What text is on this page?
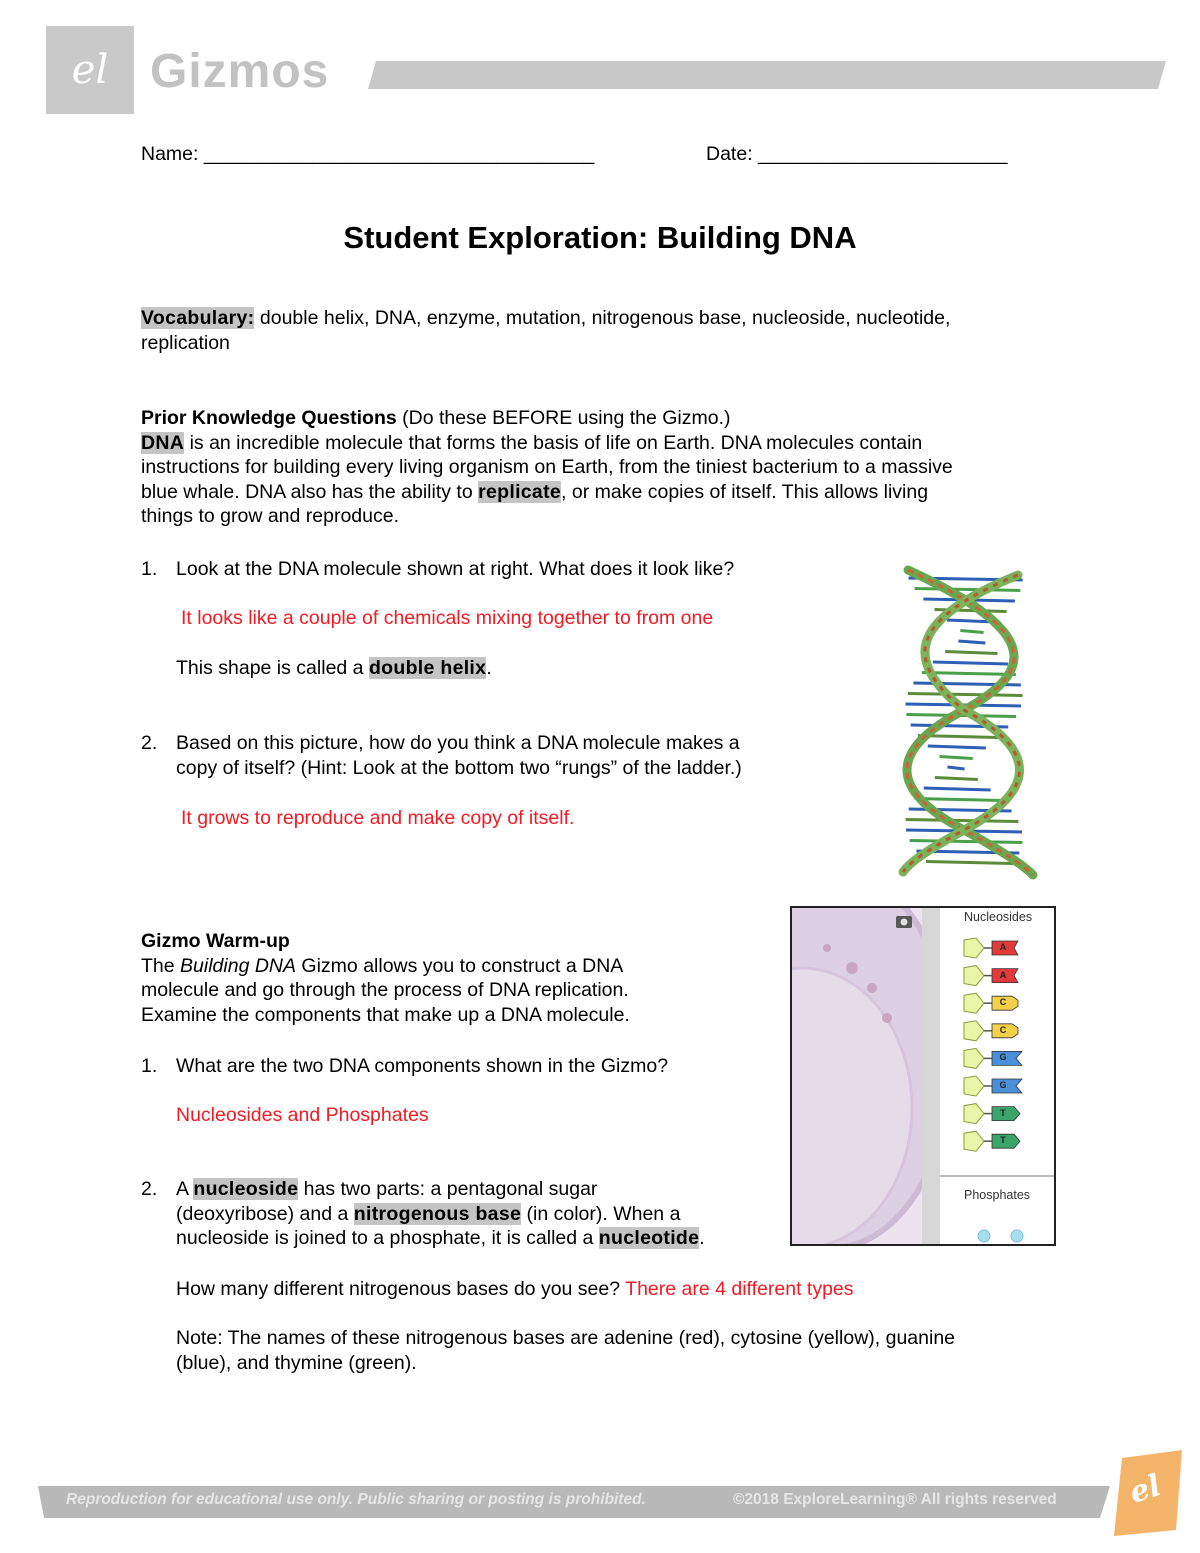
el Gizmos
Name: ____________________________________	Date: _______________________
Student Exploration: Building DNA
Vocabulary: double helix, DNA, enzyme, mutation, nitrogenous base, nucleoside, nucleotide,
replication
Prior Knowledge Questions (Do these BEFORE using the Gizmo.)
DNA is an incredible molecule that forms the basis of life on Earth. DNA molecules contain
instructions for building every living organism on Earth, from the tiniest bacterium to a massive
blue whale. DNA also has the ability to replicate, or make copies of itself. This allows living
things to grow and reproduce.
1. Look at the DNA molecule shown at right. What does it look like?
It looks like a couple of chemicals mixing together to from one
This shape is called a double helix.
2. Based on this picture, how do you think a DNA molecule makes a
copy of itself? (Hint: Look at the bottom two “rungs” of the ladder.)
It grows to reproduce and make copy of itself.
Gizmo Warm-up
The Building DNA Gizmo allows you to construct a DNA
molecule and go through the process of DNA replication.
Examine the components that make up a DNA molecule.
1. What are the two DNA components shown in the Gizmo?
Nucleosides and Phosphates
2. A nucleoside has two parts: a pentagonal sugar
(deoxyribose) and a nitrogenous base (in color). When a
nucleoside is joined to a phosphate, it is called a nucleotide.
How many different nitrogenous bases do you see? There are 4 different types
Note: The names of these nitrogenous bases are adenine (red), cytosine (yellow), guanine
(blue), and thymine (green).
Nucleosides
Phosphates
A
A
C
C
G
G
T
T
Reproduction for educational use only. Public sharing or posting is prohibited.	©2018 ExploreLearning® All rights reserved el
